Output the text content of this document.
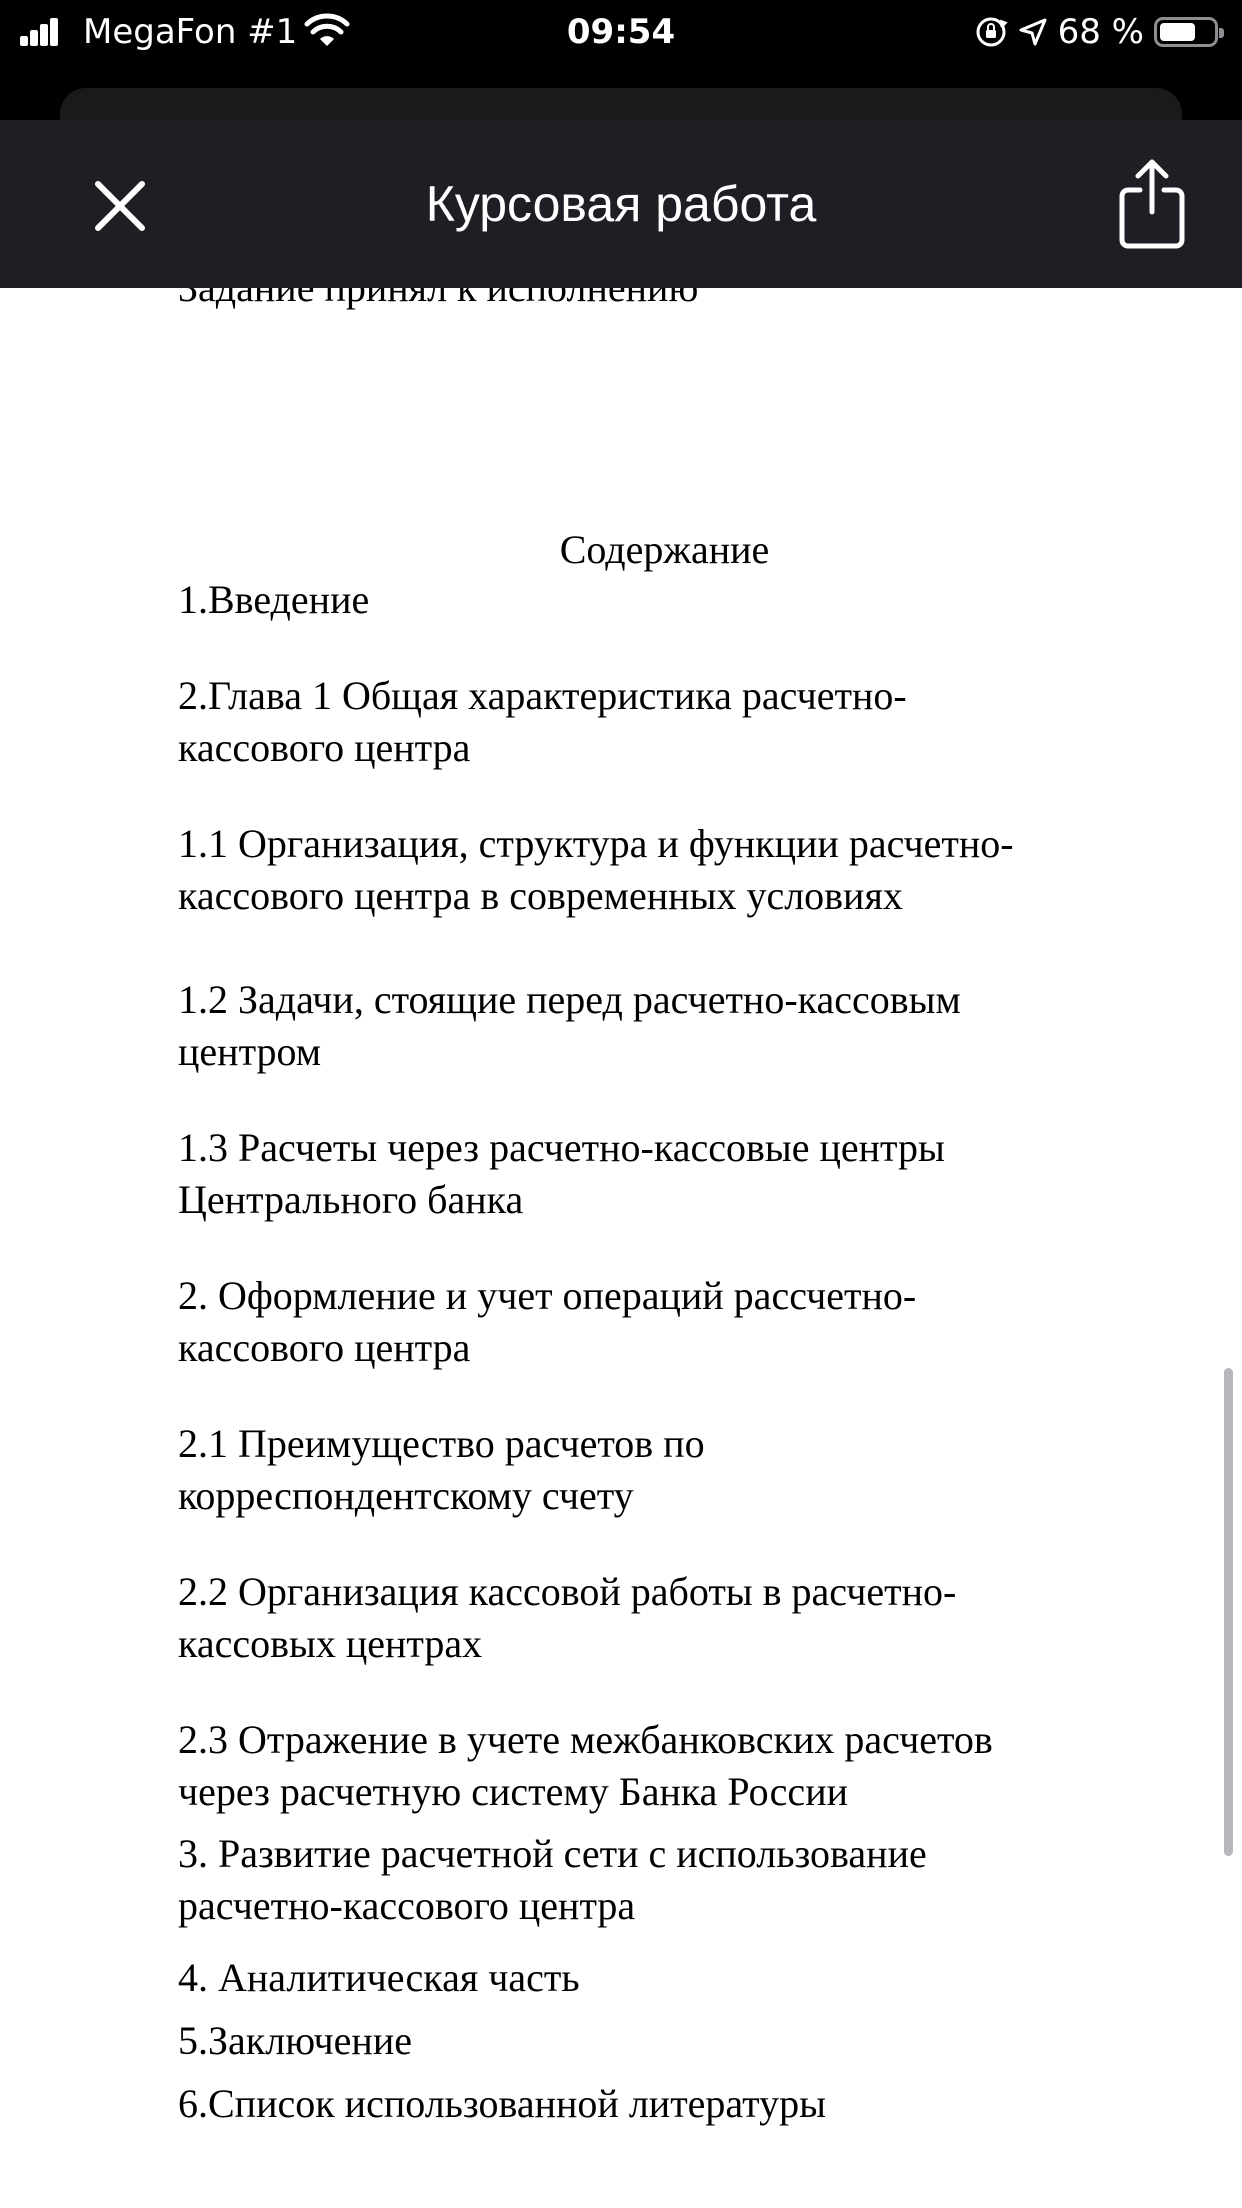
MegaFon #1	09:54	68 %
Курсовая работа
Содержание
1.Введение
2.Глава 1 Общая характеристика расчетно-
кассового центра
1.1 Организация, структура и функции расчетно-
кассового центра в современных условиях
1.2 Задачи, стоящие перед расчетно-кассовым
центром
1.3 Расчеты через расчетно-кассовые центры
Центрального банка
2. Оформление и учет операций рассчетно-
кассового центра
2.1 Преимущество расчетов по
корреспондентскому счету
2.2 Организация кассовой работы в расчетно-
кассовых центрах
2.3 Отражение в учете межбанковских расчетов
через расчетную систему Банка России
3. Развитие расчетной сети с использование
расчетно-кассового центра
4. Аналитическая часть
5.Заключение
6.Список использованной литературы
